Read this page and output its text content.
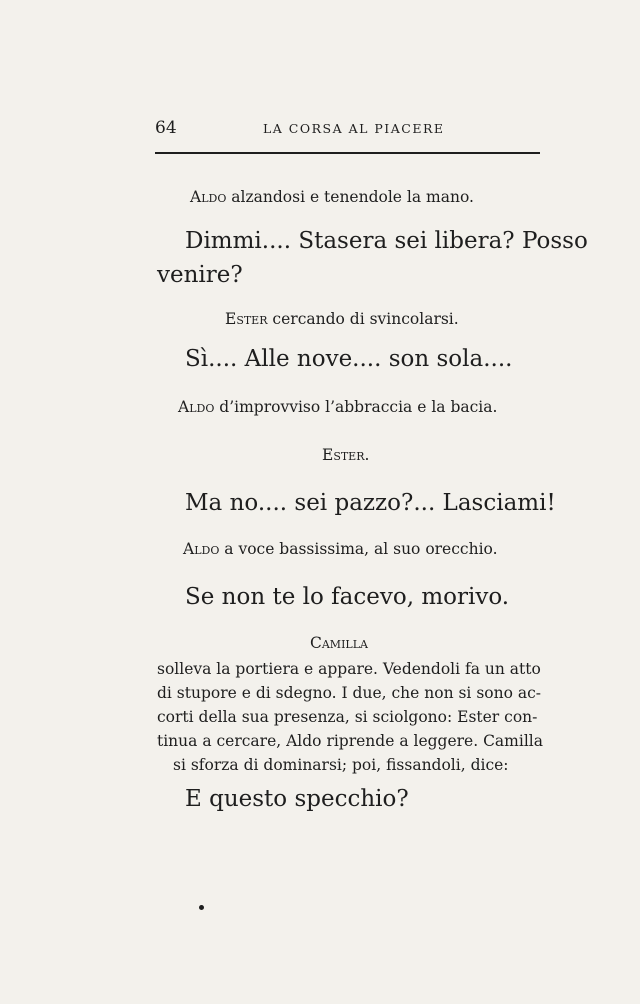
64	LA CORSA AL PIACERE
Aldo alzandosi e tenendole la mano.
Dimmi.... Stasera sei libera? Posso
venire?
Ester cercando di svincolarsi.
Sì.... Alle nove.... son sola....
Aldo d’improvviso l’abbraccia e la bacia.
Ester.
Ma no.... sei pazzo?... Lasciami!
Aldo a voce bassissima, al suo orecchio.
Se non te lo facevo, morivo.
Camilla
solleva la portiera e appare. Vedendoli fa un atto
di stupore e di sdegno. I due, che non si sono ac-
corti della sua presenza, si sciolgono: Ester con-
tinua a cercare, Aldo riprende a leggere. Camilla
si sforza di dominarsi; poi, fissandoli, dice:
E questo specchio?
